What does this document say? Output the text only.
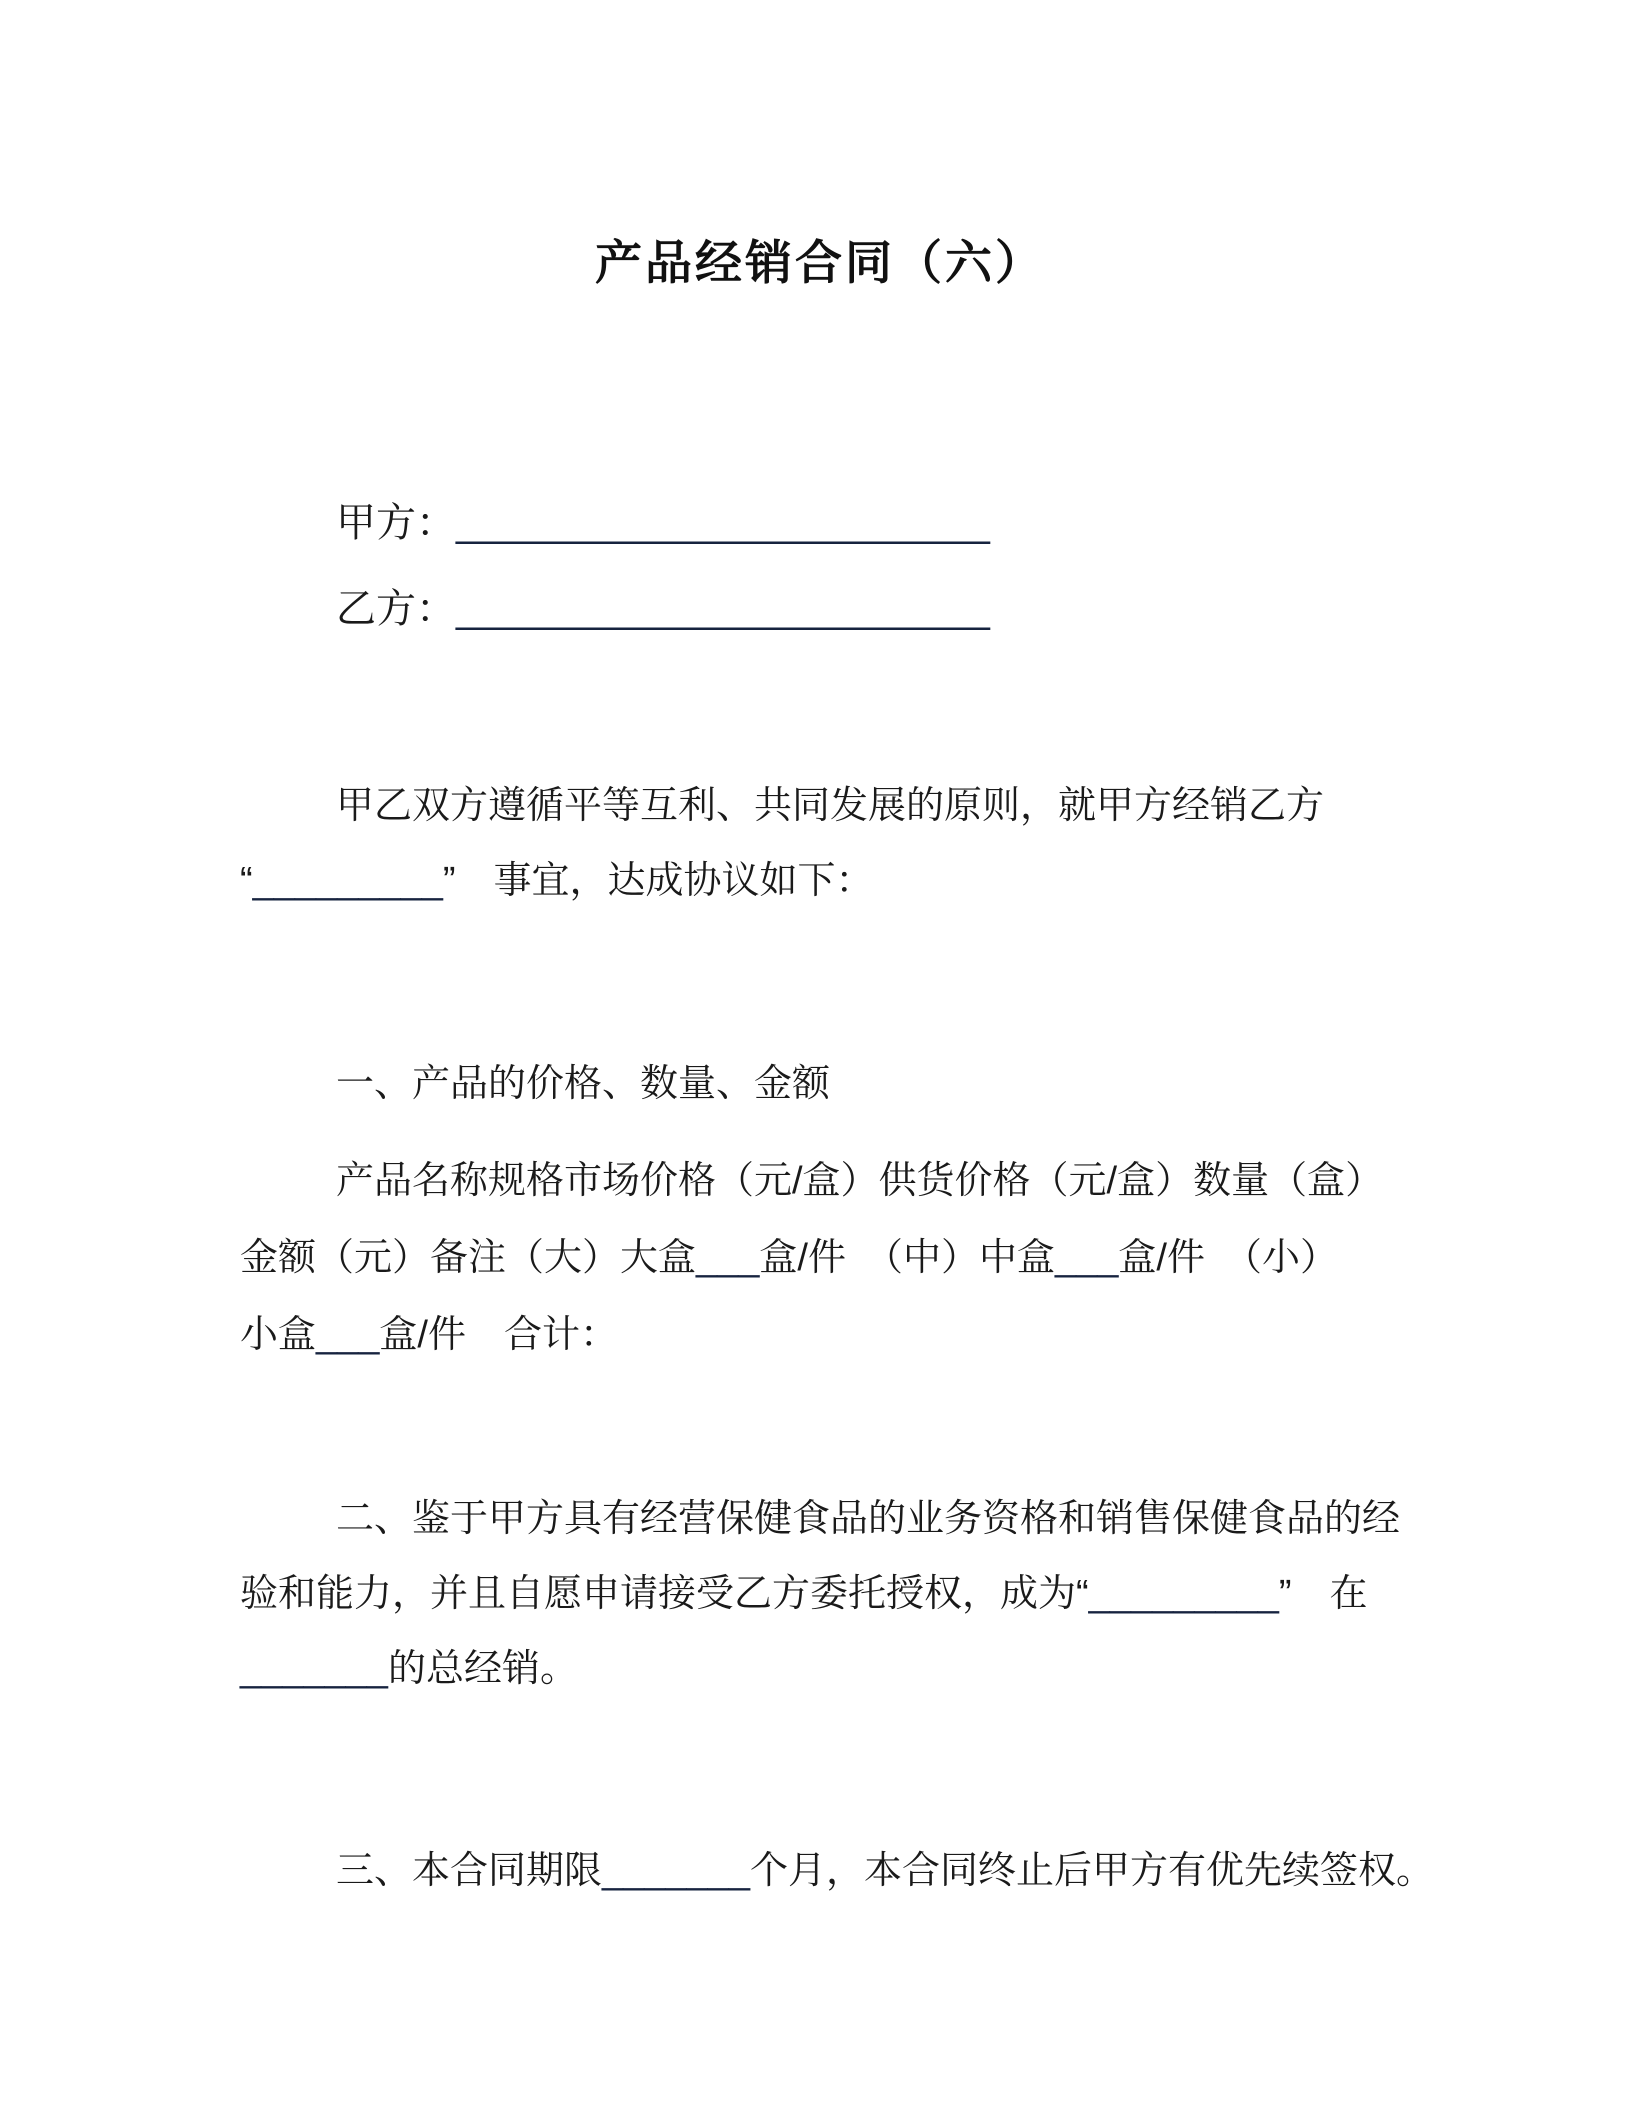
产品经销合同（六）
甲方：________________________
乙方：________________________
甲乙双方遵循平等互利、共同发展的原则，就甲方经销乙方
“_________”　事宜，达成协议如下：
一、产品的价格、数量、金额
产品名称规格市场价格（元/盒）供货价格（元/盒）数量（盒）
金额（元）备注（大）大盒___盒/件　（中）中盒___盒/件　（小）
小盒___盒/件　合计：
二、鉴于甲方具有经营保健食品的业务资格和销售保健食品的经
验和能力，并且自愿申请接受乙方委托授权，成为“_________”　在
_______的总经销。
三、本合同期限_______个月，本合同终止后甲方有优先续签权。
